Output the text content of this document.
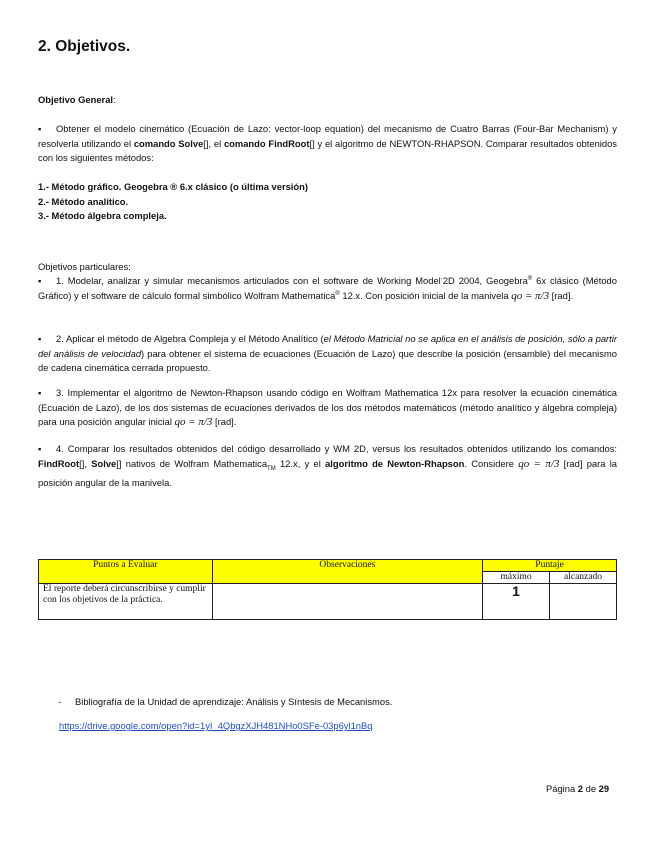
2. Objetivos.
Objetivo General:
▪ Obtener el modelo cinemático (Ecuación de Lazo: vector-loop equation) del mecanismo de Cuatro Barras (Four-Bar Mechanism) y resolverla utilizando el comando Solve[], el comando FindRoot[] y el algoritmo de NEWTON-RHAPSON. Comparar resultados obtenidos con los siguientes métodos:
1.- Método gráfico. Geogebra ® 6.x clásico (o última versión)
2.- Método analítico.
3.- Método álgebra compleja.
Objetivos particulares:
▪ 1. Modelar, analizar y simular mecanismos articulados con el software de Working Model·2D 2004, Geogebra® 6x clásico (Método Gráfico) y el software de cálculo formal simbólico Wolfram Mathematica® 12.x. Con posición inicial de la manivela qo = π/3 [rad].
▪ 2. Aplicar el método de Algebra Compleja y el Método Analítico (el Método Matricial no se aplica en el análisis de posición, sólo a partir del análisis de velocidad) para obtener el sistema de ecuaciones (Ecuación de Lazo) que describe la posición (ensamble) del mecanismo de cadena cinemática cerrada propuesto.
▪ 3. Implementar el algoritmo de Newton-Rhapson usando código en Wolfram Mathematica 12x para resolver la ecuación cinemática (Ecuación de Lazo), de los dos sistemas de ecuaciones derivados de los dos métodos matemáticos (método analítico y álgebra compleja) para una posición angular inicial qo = π/3 [rad].
▪ 4. Comparar los resultados obtenidos del código desarrollado y WM 2D, versus los resultados obtenidos utilizando los comandos: FindRoot[], Solve[] nativos de Wolfram Mathematica$_{TM}$ 12.x, y el algoritmo de Newton-Rhapson. Considere qo = π/3 [rad] para la posición angular de la manivela.
Puntos a Evaluar	Observaciones	Puntaje	
		máximo	alcanzado
El reporte deberá circunscribirse y cumplir con los objetivos de la práctica.		1	
- Bibliografía de la Unidad de aprendizaje: Análisis y Síntesis de Mecanismos.
https://drive.google.com/open?id=1yI_4QbgzXJH481NHo0SFe-03p6yl1nBq
Página 2 de 29
